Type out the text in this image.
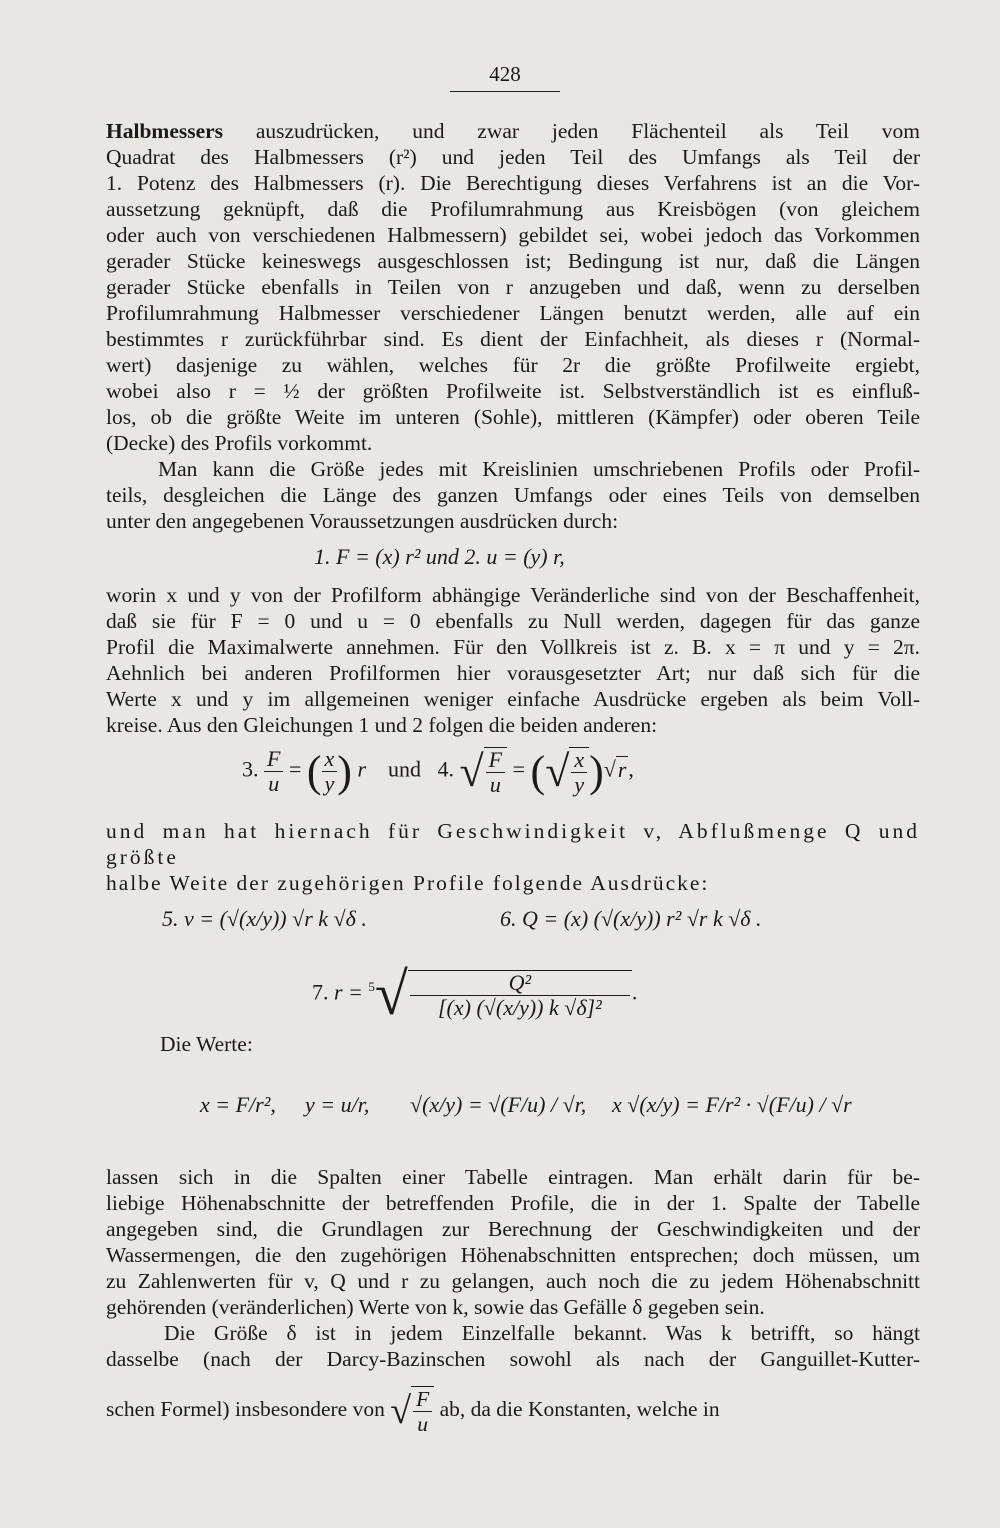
428
Halbmessers auszudrücken, und zwar jeden Flächenteil als Teil vom
Quadrat des Halbmessers (r²) und jeden Teil des Umfangs als Teil der
1. Potenz des Halbmessers (r). Die Berechtigung dieses Verfahrens ist an die Vor-
aussetzung geknüpft, daß die Profilumrahmung aus Kreisbögen (von gleichem
oder auch von verschiedenen Halbmessern) gebildet sei, wobei jedoch das Vorkommen
gerader Stücke keineswegs ausgeschlossen ist; Bedingung ist nur, daß die Längen
gerader Stücke ebenfalls in Teilen von r anzugeben und daß, wenn zu derselben
Profilumrahmung Halbmesser verschiedener Längen benutzt werden, alle auf ein
bestimmtes r zurückführbar sind. Es dient der Einfachheit, als dieses r (Normal-
wert) dasjenige zu wählen, welches für 2r die größte Profilweite ergiebt,
wobei also r = ½ der größten Profilweite ist. Selbstverständlich ist es einfluß-
los, ob die größte Weite im unteren (Sohle), mittleren (Kämpfer) oder oberen Teile
(Decke) des Profils vorkommt.
Man kann die Größe jedes mit Kreislinien umschriebenen Profils oder Profil-
teils, desgleichen die Länge des ganzen Umfangs oder eines Teils von demselben
unter den angegebenen Voraussetzungen ausdrücken durch:
1. F = (x) r² und 2. u = (y) r,
worin x und y von der Profilform abhängige Veränderliche sind von der Beschaffenheit,
daß sie für F = 0 und u = 0 ebenfalls zu Null werden, dagegen für das ganze
Profil die Maximalwerte annehmen. Für den Vollkreis ist z. B. x = π und y = 2π.
Aehnlich bei anderen Profilformen hier vorausgesetzter Art; nur daß sich für die
Werte x und y im allgemeinen weniger einfache Ausdrücke ergeben als beim Voll-
kreise. Aus den Gleichungen 1 und 2 folgen die beiden anderen:
3. $\frac{F}{u}$ = ( $\frac{x}{y}$ ) r und 4. √ $\frac{F}{u}$ = (√ $\frac{x}{y} )√r$,
und man hat hiernach für Geschwindigkeit v, Abflußmenge Q und größte
halbe Weite der zugehörigen Profile folgende Ausdrücke:
5. v = (√(x/y)) √r k √δ .	6. Q = (x) (√(x/y)) r² √r k √δ .
7. $r = ^5√ \frac{\text{Q²}}{\text{[(x) (√(x/y)) k √δ]²}}$ .
Die Werte:
x = F/r², y = u/r, √(x/y) = √(F/u) / √r, x √(x/y) = F/r² · √(F/u) / √r
lassen sich in die Spalten einer Tabelle eintragen. Man erhält darin für be-
liebige Höhenabschnitte der betreffenden Profile, die in der 1. Spalte der Tabelle
angegeben sind, die Grundlagen zur Berechnung der Geschwindigkeiten und der
Wassermengen, die den zugehörigen Höhenabschnitten entsprechen; doch müssen, um
zu Zahlenwerten für v, Q und r zu gelangen, auch noch die zu jedem Höhenabschnitt
gehörenden (veränderlichen) Werte von k, sowie das Gefälle δ gegeben sein.
Die Größe δ ist in jedem Einzelfalle bekannt. Was k betrifft, so hängt
dasselbe (nach der Darcy-Bazinschen sowohl als nach der Ganguillet-Kutter-
schen Formel) insbesondere von √ $\frac{F}{u}$ ab, da die Konstanten, welche in
